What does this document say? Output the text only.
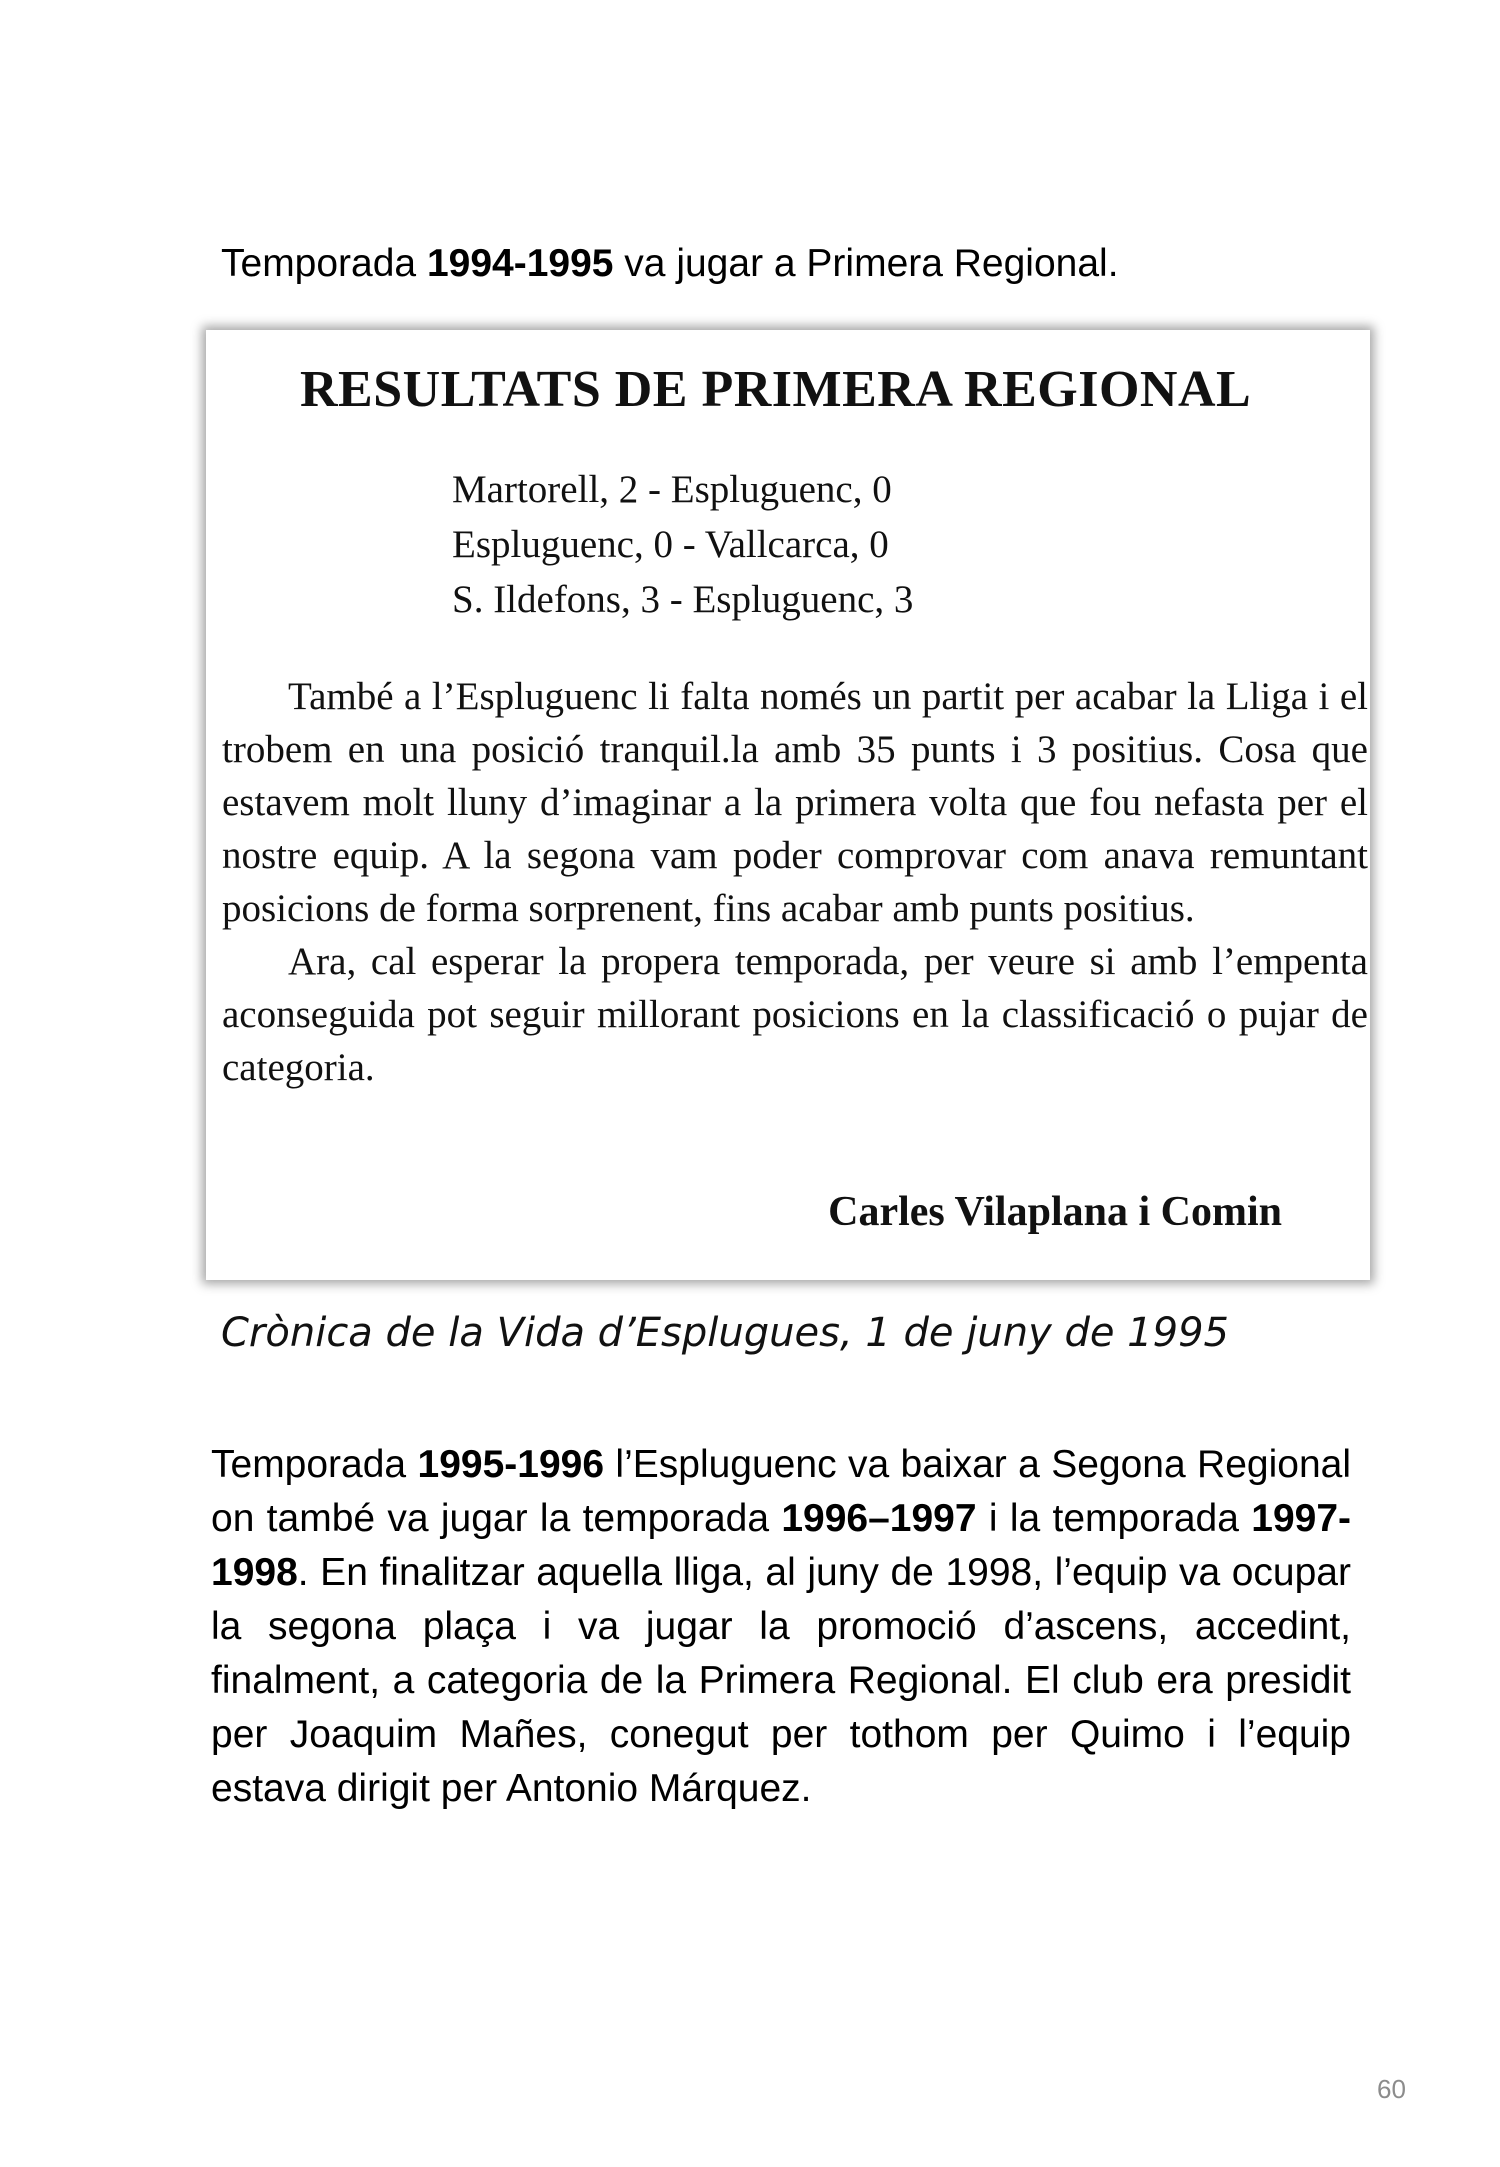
Temporada 1994-1995 va jugar a Primera Regional.

RESULTATS DE PRIMERA REGIONAL
Martorell, 2 - Espluguenc, 0
Espluguenc, 0 - Vallcarca, 0
S. Ildefons, 3 - Espluguenc, 3

També a l’Espluguenc li falta només un partit per acabar la Lliga i el trobem en una posició tranquil.la amb 35 punts i 3 positius. Cosa que estavem molt lluny d’imaginar a la primera volta que fou nefasta per el nostre equip. A la segona vam poder comprovar com anava remuntant posicions de forma sorprenent, fins acabar amb punts positius.

Ara, cal esperar la propera temporada, per veure si amb l’empenta aconseguida pot seguir millorant posicions en la classificació o pujar de categoria.

Carles Vilaplana i Comin

Crònica de la Vida d’Esplugues, 1 de juny de 1995

Temporada 1995-1996 l’Espluguenc va baixar a Segona Regional on també va jugar la temporada 1996–1997 i la temporada 1997-1998. En finalitzar aquella lliga, al juny de 1998, l’equip va ocupar la segona plaça i va jugar la promoció d’ascens, accedint, finalment, a categoria de la Primera Regional. El club era presidit per Joaquim Mañes, conegut per tothom per Quimo i l’equip estava dirigit per Antonio Márquez.

60
